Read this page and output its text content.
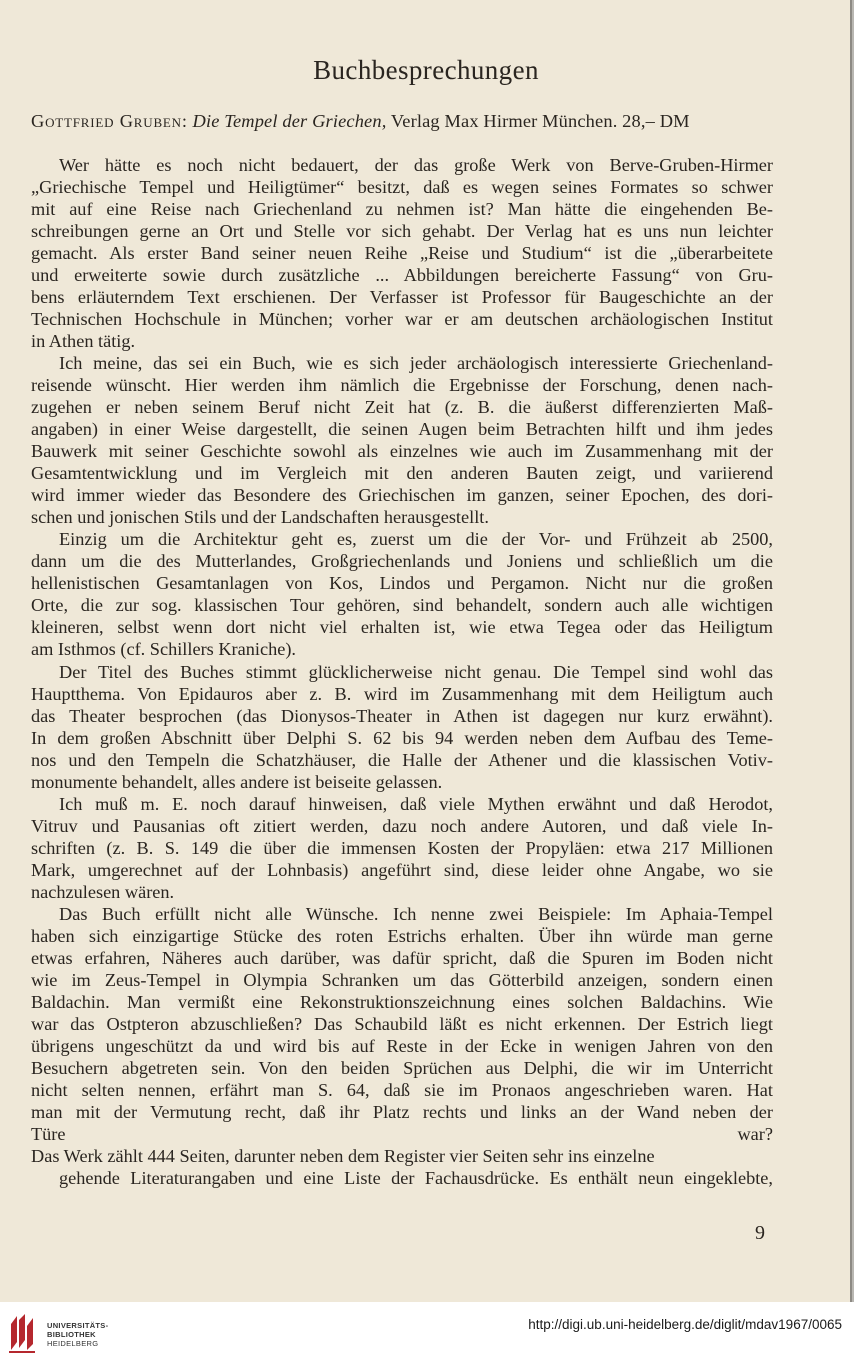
Buchbesprechungen
Gottfried Gruben: Die Tempel der Griechen, Verlag Max Hirmer München. 28,– DM
Wer hätte es noch nicht bedauert, der das große Werk von Berve-Gruben-Hirmer
„Griechische Tempel und Heiligtümer“ besitzt, daß es wegen seines Formates so schwer
mit auf eine Reise nach Griechenland zu nehmen ist? Man hätte die eingehenden Be-
schreibungen gerne an Ort und Stelle vor sich gehabt. Der Verlag hat es uns nun leichter
gemacht. Als erster Band seiner neuen Reihe „Reise und Studium“ ist die „überarbeitete
und erweiterte sowie durch zusätzliche ... Abbildungen bereicherte Fassung“ von Gru-
bens erläuterndem Text erschienen. Der Verfasser ist Professor für Baugeschichte an der
Technischen Hochschule in München; vorher war er am deutschen archäologischen Institut
in Athen tätig.
Ich meine, das sei ein Buch, wie es sich jeder archäologisch interessierte Griechenland-
reisende wünscht. Hier werden ihm nämlich die Ergebnisse der Forschung, denen nach-
zugehen er neben seinem Beruf nicht Zeit hat (z. B. die äußerst differenzierten Maß-
angaben) in einer Weise dargestellt, die seinen Augen beim Betrachten hilft und ihm jedes
Bauwerk mit seiner Geschichte sowohl als einzelnes wie auch im Zusammenhang mit der
Gesamtentwicklung und im Vergleich mit den anderen Bauten zeigt, und variierend
wird immer wieder das Besondere des Griechischen im ganzen, seiner Epochen, des dori-
schen und jonischen Stils und der Landschaften herausgestellt.
Einzig um die Architektur geht es, zuerst um die der Vor- und Frühzeit ab 2500,
dann um die des Mutterlandes, Großgriechenlands und Joniens und schließlich um die
hellenistischen Gesamtanlagen von Kos, Lindos und Pergamon. Nicht nur die großen
Orte, die zur sog. klassischen Tour gehören, sind behandelt, sondern auch alle wichtigen
kleineren, selbst wenn dort nicht viel erhalten ist, wie etwa Tegea oder das Heiligtum
am Isthmos (cf. Schillers Kraniche).
Der Titel des Buches stimmt glücklicherweise nicht genau. Die Tempel sind wohl das
Hauptthema. Von Epidauros aber z. B. wird im Zusammenhang mit dem Heiligtum auch
das Theater besprochen (das Dionysos-Theater in Athen ist dagegen nur kurz erwähnt).
In dem großen Abschnitt über Delphi S. 62 bis 94 werden neben dem Aufbau des Teme-
nos und den Tempeln die Schatzhäuser, die Halle der Athener und die klassischen Votiv-
monumente behandelt, alles andere ist beiseite gelassen.
Ich muß m. E. noch darauf hinweisen, daß viele Mythen erwähnt und daß Herodot,
Vitruv und Pausanias oft zitiert werden, dazu noch andere Autoren, und daß viele In-
schriften (z. B. S. 149 die über die immensen Kosten der Propyläen: etwa 217 Millionen
Mark, umgerechnet auf der Lohnbasis) angeführt sind, diese leider ohne Angabe, wo sie
nachzulesen wären.
Das Buch erfüllt nicht alle Wünsche. Ich nenne zwei Beispiele: Im Aphaia-Tempel
haben sich einzigartige Stücke des roten Estrichs erhalten. Über ihn würde man gerne
etwas erfahren, Näheres auch darüber, was dafür spricht, daß die Spuren im Boden nicht
wie im Zeus-Tempel in Olympia Schranken um das Götterbild anzeigen, sondern einen
Baldachin. Man vermißt eine Rekonstruktionszeichnung eines solchen Baldachins. Wie
war das Ostpteron abzuschließen? Das Schaubild läßt es nicht erkennen. Der Estrich liegt
übrigens ungeschützt da und wird bis auf Reste in der Ecke in wenigen Jahren von den
Besuchern abgetreten sein. Von den beiden Sprüchen aus Delphi, die wir im Unterricht
nicht selten nennen, erfährt man S. 64, daß sie im Pronaos angeschrieben waren. Hat
man mit der Vermutung recht, daß ihr Platz rechts und links an der Wand neben der
Türe war?
Das Werk zählt 444 Seiten, darunter neben dem Register vier Seiten sehr ins einzelne
gehende Literaturangaben und eine Liste der Fachausdrücke. Es enthält neun eingeklebte,
9
UNIVERSITÄTS-
BIBLIOTHEK
HEIDELBERG
http://digi.ub.uni-heidelberg.de/diglit/mdav1967/0065
